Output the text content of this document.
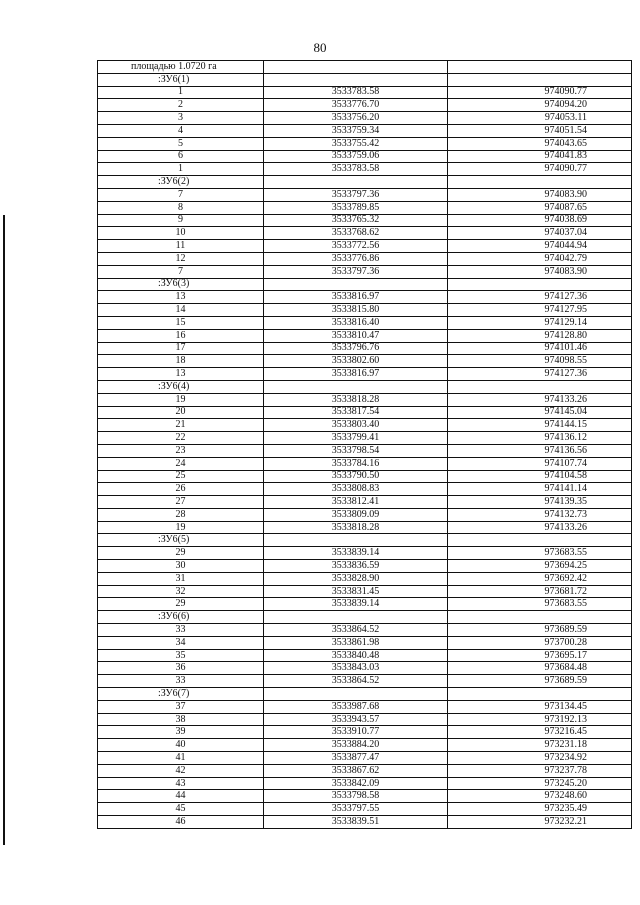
80
площадью 1.0720 га		
:ЗУ6(1)		
1	3533783.58	974090.77
2	3533776.70	974094.20
3	3533756.20	974053.11
4	3533759.34	974051.54
5	3533755.42	974043.65
6	3533759.06	974041.83
1	3533783.58	974090.77
:ЗУ6(2)		
7	3533797.36	974083.90
8	3533789.85	974087.65
9	3533765.32	974038.69
10	3533768.62	974037.04
11	3533772.56	974044.94
12	3533776.86	974042.79
7	3533797.36	974083.90
:ЗУ6(3)		
13	3533816.97	974127.36
14	3533815.80	974127.95
15	3533816.40	974129.14
16	3533810.47	974128.80
17	3533796.76	974101.46
18	3533802.60	974098.55
13	3533816.97	974127.36
:ЗУ6(4)		
19	3533818.28	974133.26
20	3533817.54	974145.04
21	3533803.40	974144.15
22	3533799.41	974136.12
23	3533798.54	974136.56
24	3533784.16	974107.74
25	3533790.50	974104.58
26	3533808.83	974141.14
27	3533812.41	974139.35
28	3533809.09	974132.73
19	3533818.28	974133.26
:ЗУ6(5)		
29	3533839.14	973683.55
30	3533836.59	973694.25
31	3533828.90	973692.42
32	3533831.45	973681.72
29	3533839.14	973683.55
:ЗУ6(6)		
33	3533864.52	973689.59
34	3533861.98	973700.28
35	3533840.48	973695.17
36	3533843.03	973684.48
33	3533864.52	973689.59
:ЗУ6(7)		
37	3533987.68	973134.45
38	3533943.57	973192.13
39	3533910.77	973216.45
40	3533884.20	973231.18
41	3533877.47	973234.92
42	3533867.62	973237.78
43	3533842.09	973245.20
44	3533798.58	973248.60
45	3533797.55	973235.49
46	3533839.51	973232.21
